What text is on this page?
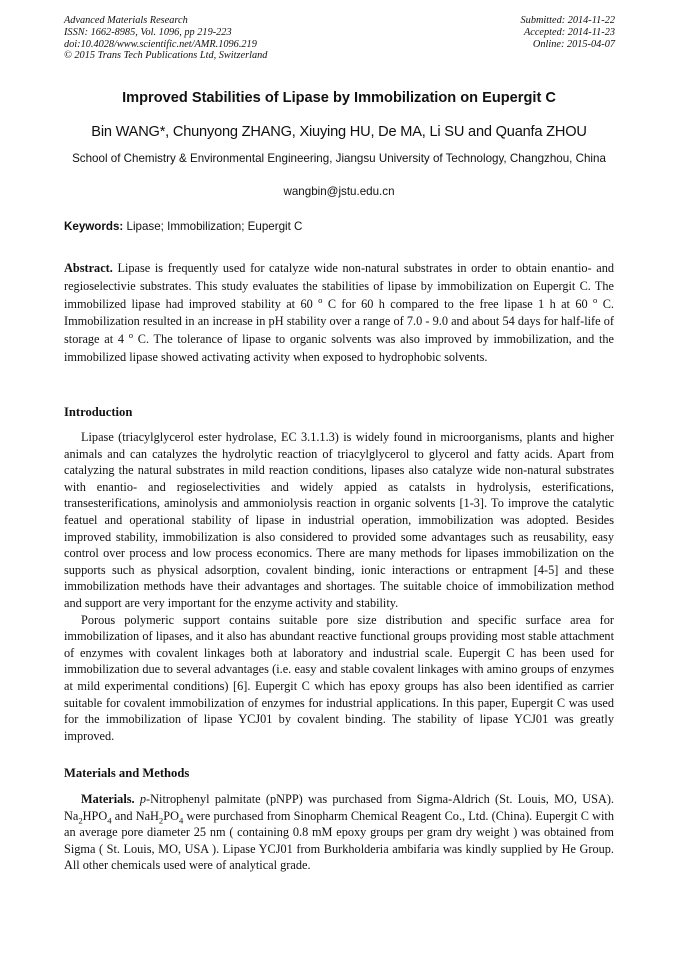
Advanced Materials Research
ISSN: 1662-8985, Vol. 1096, pp 219-223
doi:10.4028/www.scientific.net/AMR.1096.219
© 2015 Trans Tech Publications Ltd, Switzerland
Submitted: 2014-11-22
Accepted: 2014-11-23
Online: 2015-04-07
Improved Stabilities of Lipase by Immobilization on Eupergit C
Bin WANG*, Chunyong ZHANG, Xiuying HU, De MA, Li SU and Quanfa ZHOU
School of Chemistry & Environmental Engineering, Jiangsu University of Technology, Changzhou, China
wangbin@jstu.edu.cn
Keywords: Lipase; Immobilization; Eupergit C

Abstract. Lipase is frequently used for catalyze wide non-natural substrates in order to obtain enantio- and regioselectivie substrates. This study evaluates the stabilities of lipase by immobilization on Eupergit C. The immobilized lipase had improved stability at 60 $^o$ C for 60 h compared to the free lipase 1 h at 60 $^o$ C. Immobilization resulted in an increase in pH stability over a range of 7.0 - 9.0 and about 54 days for half-life of storage at 4 $^o$ C. The tolerance of lipase to organic solvents was also improved by immobilization, and the immobilized lipase showed activating activity when exposed to hydrophobic solvents.

Introduction

Lipase (triacylglycerol ester hydrolase, EC 3.1.1.3) is widely found in microorganisms, plants and higher animals and can catalyzes the hydrolytic reaction of triacylglycerol to glycerol and fatty acids. Apart from catalyzing the natural substrates in mild reaction conditions, lipases also catalyze wide non-natural substrates with enantio- and regioselectivities and widely appied as catalsts in hydrolysis, esterifications, transesterifications, aminolysis and ammoniolysis reaction in organic solvents [1-3]. To improve the catalytic featuel and operational stability of lipase in industrial operation, immobilization was adopted. Besides improved stability, immobilization is also considered to provided some advantages such as reusability, easy control over process and low process economics. There are many methods for lipases immobilization on the supports such as physical adsorption, covalent binding, ionic interactions or entrapment [4-5] and these immobilization methods have their advantages and shortages. The suitable choice of immobilization method and support are very important for the enzyme activity and stability.

Porous polymeric support contains suitable pore size distribution and specific surface area for immobilization of lipases, and it also has abundant reactive functional groups providing most stable attachment of enzymes with covalent linkages both at laboratory and industrial scale. Eupergit C has been used for immobilization due to several advantages (i.e. easy and stable covalent linkages with amino groups of enzymes at mild experimental conditions) [6]. Eupergit C which has epoxy groups has also been identified as carrier suitable for covalent immobilization of enzymes for industrial applications. In this paper, Eupergit C was used for the immobilization of lipase YCJ01 by covalent binding. The stability of lipase YCJ01 was greatly improved.

Materials and Methods

Materials. p-Nitrophenyl palmitate (pNPP) was purchased from Sigma-Aldrich (St. Louis, MO, USA). $Na_2HPO_4$ and $NaH_2PO_4$ were purchased from Sinopharm Chemical Reagent Co., Ltd. (China). Eupergit C with an average pore diameter 25 nm ( containing 0.8 mM epoxy groups per gram dry weight ) was obtained from Sigma ( St. Louis, MO, USA ). Lipase YCJ01 from Burkholderia ambifaria was kindly supplied by He Group. All other chemicals used were of analytical grade.
